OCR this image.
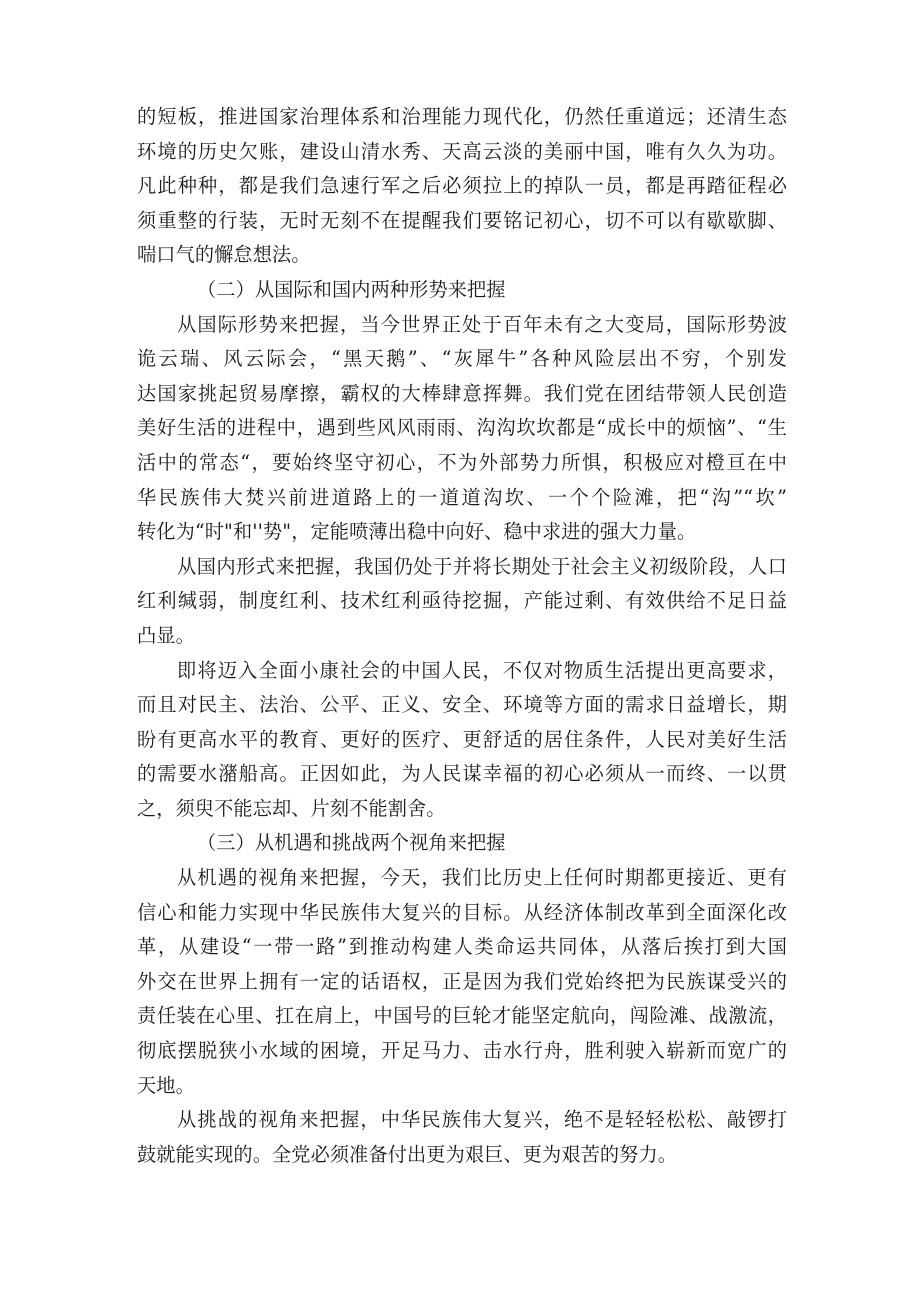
的短板，推进国家治理体系和治理能力现代化，仍然任重道远；还清生态
环境的历史欠账，建设山清水秀、天高云淡的美丽中国，唯有久久为功。
凡此种种，都是我们急速行军之后必须拉上的掉队一员，都是再踏征程必
须重整的行装，无时无刻不在提醒我们要铭记初心，切不可以有歇歇脚、
喘口气的懈怠想法。
（二）从国际和国内两种形势来把握
从国际形势来把握，当今世界正处于百年未有之大变局，国际形势波
诡云瑞、风云际会，“黑天鹅”、“灰犀牛”各种风险层出不穷，个别发
达国家挑起贸易摩擦，霸权的大棒肆意挥舞。我们党在团结带领人民创造
美好生活的进程中，遇到些风风雨雨、沟沟坎坎都是“成长中的烦恼”、“生
活中的常态“，要始终坚守初心，不为外部势力所惧，积极应对橙亘在中
华民族伟大焚兴前进道路上的一道道沟坎、一个个险滩，把“沟”“坎”
转化为“时"和''势"，定能喷薄出稳中向好、稳中求进的强大力量。
从国内形式来把握，我国仍处于并将长期处于社会主义初级阶段，人口
红利缄弱，制度红利、技术红利亟待挖掘，产能过剩、有效供给不足日益
凸显。
即将迈入全面小康社会的中国人民，不仅对物质生活提出更高要求，
而且对民主、法治、公平、正义、安全、环境等方面的需求日益增长，期
盼有更高水平的教育、更好的医疗、更舒适的居住条件，人民对美好生活
的需要水潴船高。正因如此，为人民谋幸福的初心必须从一而终、一以贯
之，须臾不能忘却、片刻不能割舍。
（三）从机遇和挑战两个视角来把握
从机遇的视角来把握，今天，我们比历史上任何时期都更接近、更有
信心和能力实现中华民族伟大复兴的目标。从经济体制改革到全面深化改
革，从建设“一带一路”到推动构建人类命运共同体，从落后挨打到大国
外交在世界上拥有一定的话语权，正是因为我们党始终把为民族谋受兴的
责任装在心里、扛在肩上，中国号的巨轮才能坚定航向，闯险滩、战激流，
彻底摆脱狭小水域的困境，开足马力、击水行舟，胜利驶入崭新而宽广的
天地。
从挑战的视角来把握，中华民族伟大复兴，绝不是轻轻松松、敲锣打
鼓就能实现的。全党必须准备付出更为艰巨、更为艰苦的努力。
